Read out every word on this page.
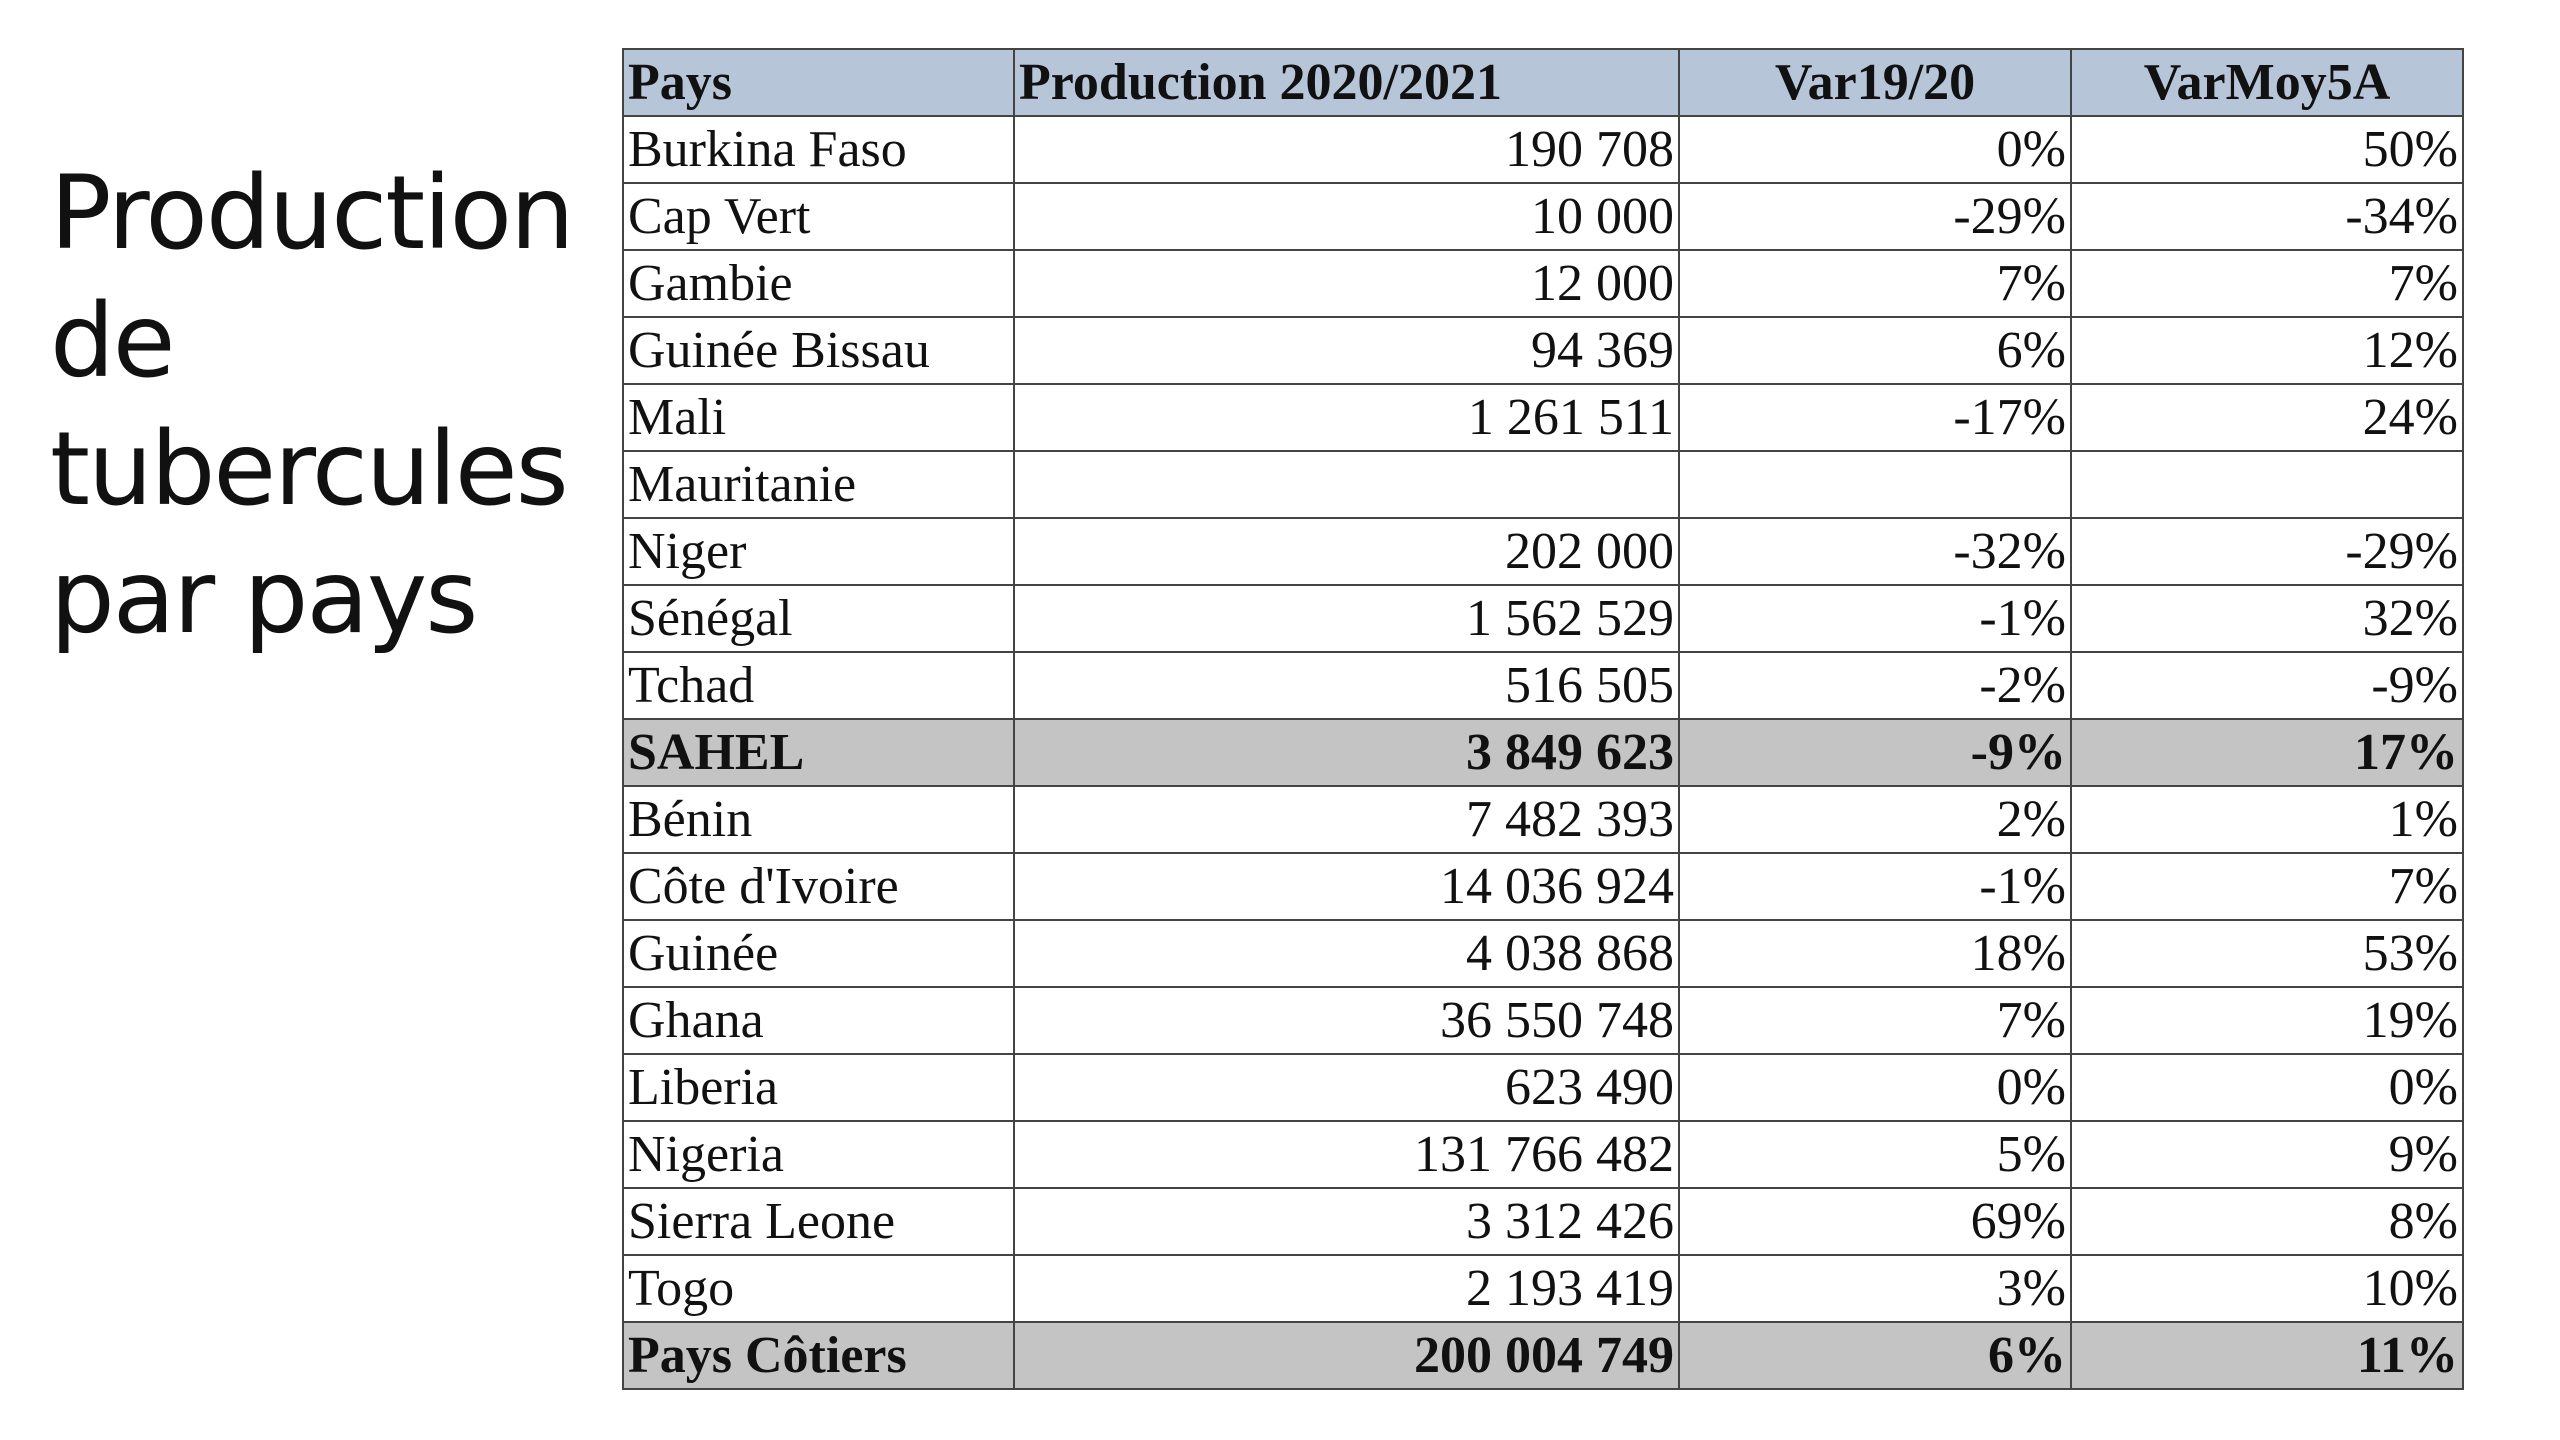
Production
de
tubercules
par pays
Pays	Production 2020/2021	Var19/20	VarMoy5A
Burkina Faso	190 708	0%	50%
Cap Vert	10 000	-29%	-34%
Gambie	12 000	7%	7%
Guinée Bissau	94 369	6%	12%
Mali	1 261 511	-17%	24%
Mauritanie			
Niger	202 000	-32%	-29%
Sénégal	1 562 529	-1%	32%
Tchad	516 505	-2%	-9%
SAHEL	3 849 623	-9%	17%
Bénin	7 482 393	2%	1%
Côte d'Ivoire	14 036 924	-1%	7%
Guinée	4 038 868	18%	53%
Ghana	36 550 748	7%	19%
Liberia	623 490	0%	0%
Nigeria	131 766 482	5%	9%
Sierra Leone	3 312 426	69%	8%
Togo	2 193 419	3%	10%
Pays Côtiers	200 004 749	6%	11%
